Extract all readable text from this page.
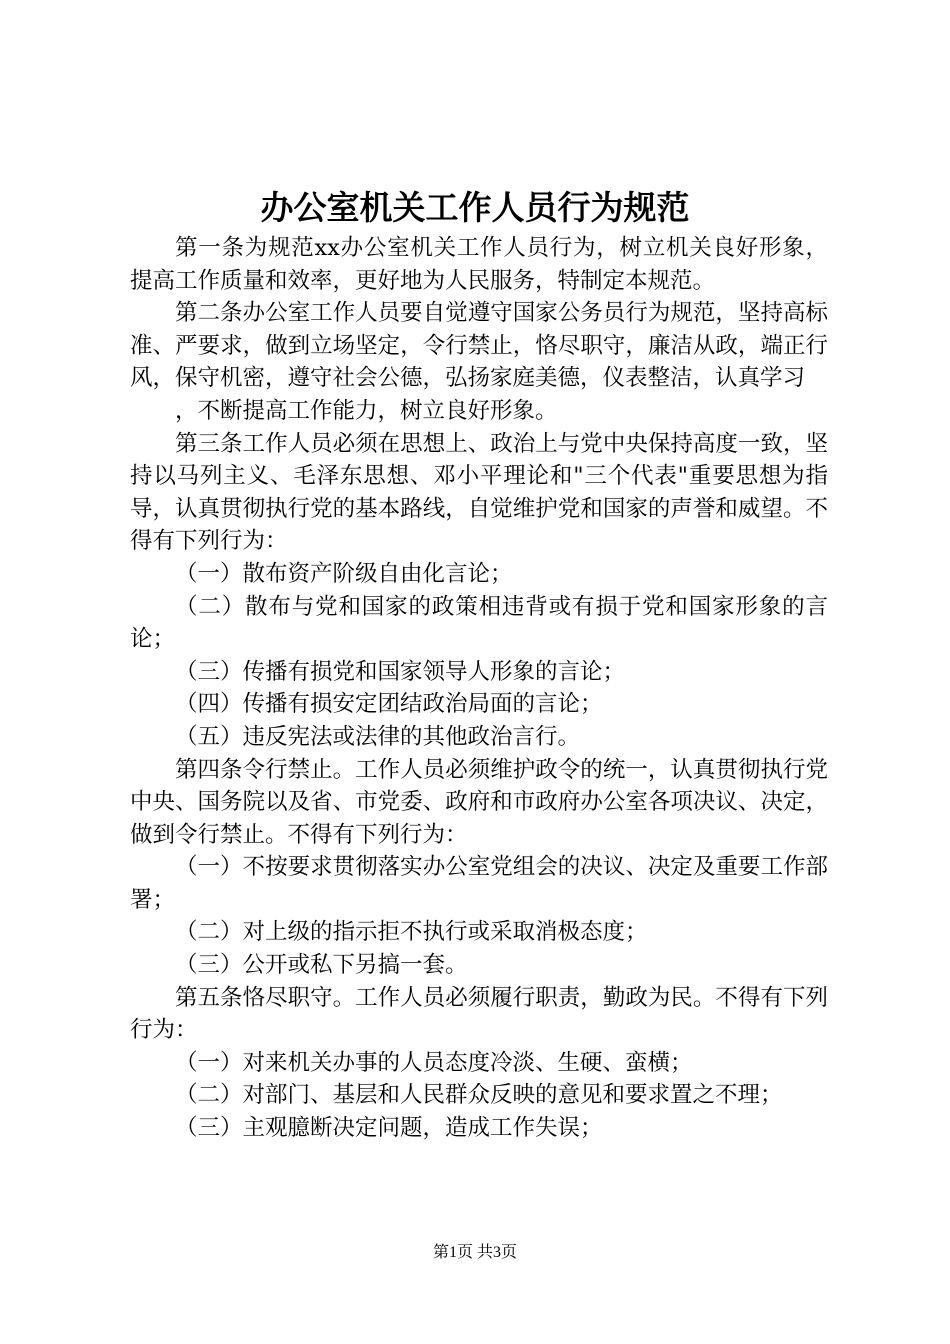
办公室机关工作人员行为规范

第一条为规范xx办公室机关工作人员行为，树立机关良好形象，提高工作质量和效率，更好地为人民服务，特制定本规范。

第二条办公室工作人员要自觉遵守国家公务员行为规范，坚持高标准、严要求，做到立场坚定，令行禁止，恪尽职守，廉洁从政，端正行风，保守机密，遵守社会公德，弘扬家庭美德，仪表整洁，认真学习

，不断提高工作能力，树立良好形象。

第三条工作人员必须在思想上、政治上与党中央保持高度一致，坚持以马列主义、毛泽东思想、邓小平理论和"三个代表"重要思想为指导，认真贯彻执行党的基本路线，自觉维护党和国家的声誉和威望。不得有下列行为：

（一）散布资产阶级自由化言论；

（二）散布与党和国家的政策相违背或有损于党和国家形象的言论；

（三）传播有损党和国家领导人形象的言论；

（四）传播有损安定团结政治局面的言论；

（五）违反宪法或法律的其他政治言行。

第四条令行禁止。工作人员必须维护政令的统一，认真贯彻执行党中央、国务院以及省、市党委、政府和市政府办公室各项决议、决定，做到令行禁止。不得有下列行为：

（一）不按要求贯彻落实办公室党组会的决议、决定及重要工作部署；

（二）对上级的指示拒不执行或采取消极态度；

（三）公开或私下另搞一套。

第五条恪尽职守。工作人员必须履行职责，勤政为民。不得有下列行为：

（一）对来机关办事的人员态度冷淡、生硬、蛮横；

（二）对部门、基层和人民群众反映的意见和要求置之不理；

（三）主观臆断决定问题，造成工作失误；

第1页 共3页
